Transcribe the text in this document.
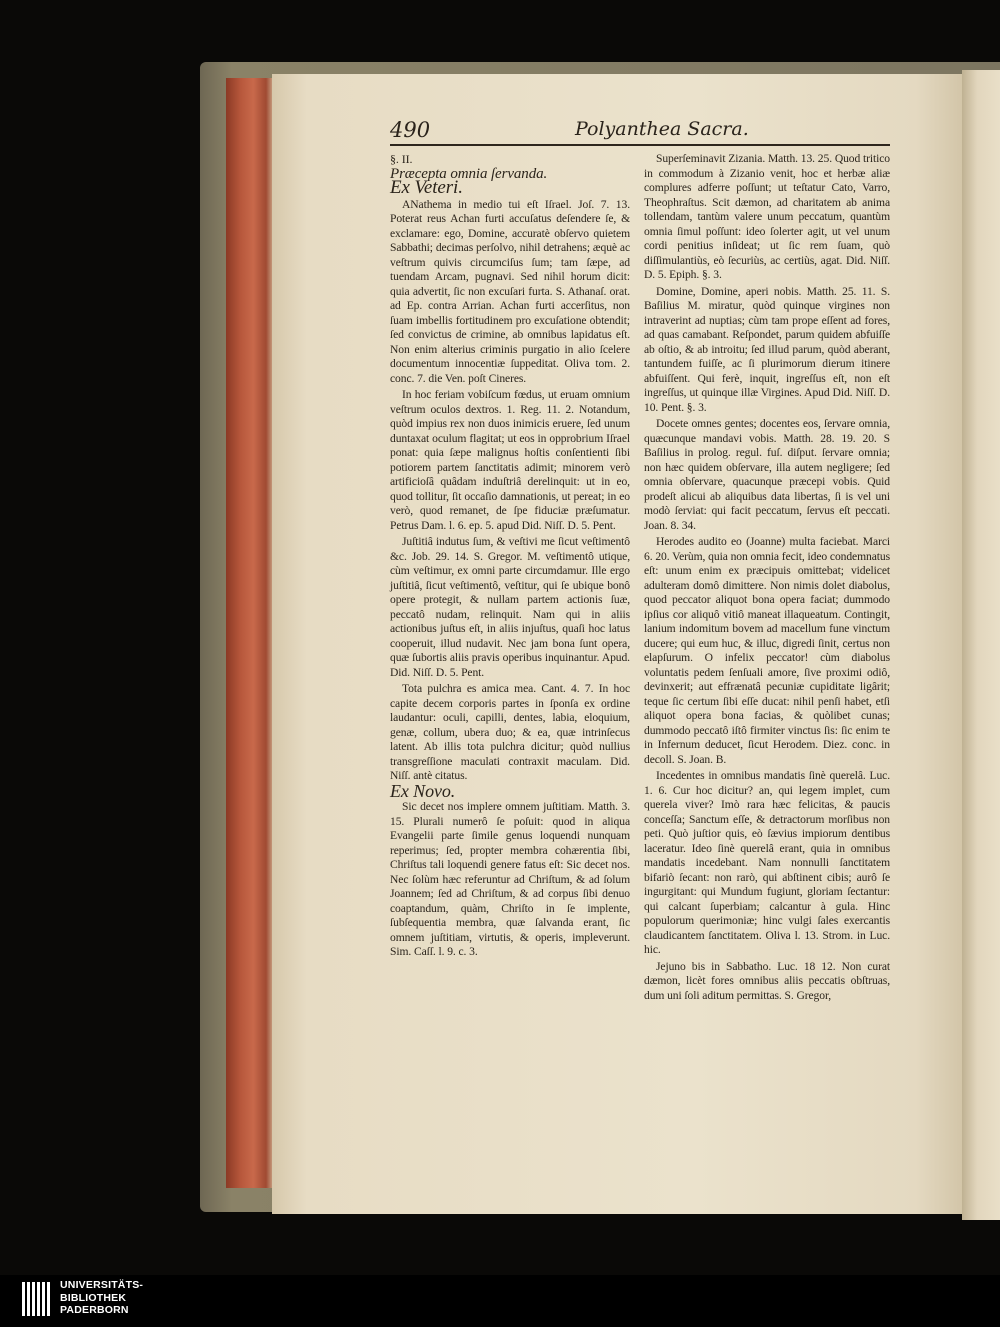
490	Polyanthea Sacra.

§. II.

Præcepta omnia ſervanda.

Ex Veteri.

ANathema in medio tui eſt Iſrael. Joſ. 7. 13. Poterat reus Achan furti accuſatus deſendere ſe, & exclamare: ego, Domine, accuratè obſervo quietem Sabbathi; decimas perſolvo, nihil detrahens; æquè ac veſtrum quivis circumciſus ſum; tam ſæpe, ad tuendam Arcam, pugnavi. Sed nihil horum dicit: quia advertit, ſic non excuſari furta. S. Athanaſ. orat. ad Ep. contra Arrian. Achan furti accerſitus, non ſuam imbellis fortitudinem pro excuſatione obtendit; ſed convictus de crimine, ab omnibus lapidatus eſt. Non enim alterius criminis purgatio in alio ſcelere documentum innocentiæ ſuppeditat. Oliva tom. 2. conc. 7. die Ven. poſt Cineres.

In hoc feriam vobiſcum fœdus, ut eruam omnium veſtrum oculos dextros. 1. Reg. 11. 2. Notandum, quòd impius rex non duos inimicis eruere, ſed unum duntaxat oculum flagitat; ut eos in opprobrium Iſrael ponat: quia ſæpe malignus hoſtis conſentienti ſibi potiorem partem ſanctitatis adimit; minorem verò artificioſâ quâdam induſtriâ derelinquit: ut in eo, quod tollitur, ſit occaſio damnationis, ut pereat; in eo verò, quod remanet, de ſpe fiduciæ præſumatur. Petrus Dam. l. 6. ep. 5. apud Did. Niſſ. D. 5. Pent.

Juſtitiâ indutus ſum, & veſtivi me ſicut veſtimentô &c. Job. 29. 14. S. Gregor. M. veſtimentô utique, cùm veſtimur, ex omni parte circumdamur. Ille ergo juſtitiâ, ſicut veſtimentô, veſtitur, qui ſe ubique bonô opere protegit, & nullam partem actionis ſuæ, peccatô nudam, relinquit. Nam qui in aliis actionibus juſtus eſt, in aliis injuſtus, quaſi hoc latus cooperuit, illud nudavit. Nec jam bona ſunt opera, quæ ſubortis aliis pravis operibus inquinantur. Apud. Did. Niſſ. D. 5. Pent.

Tota pulchra es amica mea. Cant. 4. 7. In hoc capite decem corporis partes in ſponſa ex ordine laudantur: oculi, capilli, dentes, labia, eloquium, genæ, collum, ubera duo; & ea, quæ intrinſecus latent. Ab illis tota pulchra dicitur; quòd nullius transgreſſione maculati contraxit maculam. Did. Niſſ. antè citatus.

Ex Novo.

Sic decet nos implere omnem juſtitiam. Matth. 3. 15. Plurali numerô ſe poſuit: quod in aliqua Evangelii parte ſimile genus loquendi nunquam reperimus; ſed, propter membra cohærentia ſibi, Chriſtus tali loquendi genere fatus eſt: Sic decet nos. Nec ſolùm hæc referuntur ad Chriſtum, & ad ſolum Joannem; ſed ad Chriſtum, & ad corpus ſibi denuo coaptandum, quàm, Chriſto in ſe implente, ſubſequentia membra, quæ ſalvanda erant, ſic omnem juſtitiam, virtutis, & operis, impleverunt. Sim. Caſſ. l. 9. c. 3.

Superſeminavit Zizania. Matth. 13. 25. Quod tritico in commodum à Zizanio venit, hoc et herbæ aliæ complures adferre poſſunt; ut teſtatur Cato, Varro, Theophraſtus. Scit dæmon, ad charitatem ab anima tollendam, tantùm valere unum peccatum, quantùm omnia ſimul poſſunt: ideo ſolerter agit, ut vel unum cordi penitius inſideat; ut ſic rem ſuam, quò diſſimulantiùs, eò ſecuriùs, ac certiùs, agat. Did. Niſſ. D. 5. Epiph. §. 3.

Domine, Domine, aperi nobis. Matth. 25. 11. S. Baſilius M. miratur, quòd quinque virgines non intraverint ad nuptias; cùm tam prope eſſent ad fores, ad quas camabant. Reſpondet, parum quidem abfuiſſe ab oſtio, & ab introitu; ſed illud parum, quòd aberant, tantundem fuiſſe, ac ſi plurimorum dierum itinere abfuiſſent. Qui ferè, inquit, ingreſſus eſt, non eſt ingreſſus, ut quinque illæ Virgines. Apud Did. Niſſ. D. 10. Pent. §. 3.

Docete omnes gentes; docentes eos, ſervare omnia, quæcunque mandavi vobis. Matth. 28. 19. 20. S Baſilius in prolog. regul. fuſ. diſput. ſervare omnia; non hæc quidem obſervare, illa autem negligere; ſed omnia obſervare, quacunque præcepi vobis. Quid prodeſt alicui ab aliquibus data libertas, ſi is vel uni modò ſerviat: qui facit peccatum, ſervus eſt peccati. Joan. 8. 34.

Herodes audito eo (Joanne) multa faciebat. Marci 6. 20. Verùm, quia non omnia fecit, ideo condemnatus eſt: unum enim ex præcipuis omittebat; videlicet adulteram domô dimittere. Non nimis dolet diabolus, quod peccator aliquot bona opera faciat; dummodo ipſius cor aliquô vitiô maneat illaqueatum. Contingit, lanium indomitum bovem ad macellum fune vinctum ducere; qui eum huc, & illuc, digredi ſinit, certus non elapſurum. O infelix peccator! cùm diabolus voluntatis pedem ſenſuali amore, ſive proximi odiô, devinxerit; aut effrænatâ pecuniæ cupiditate ligârit; teque ſic certum ſibi eſſe ducat: nihil penſi habet, etſi aliquot opera bona facias, & quòlibet cunas; dummodo peccatô iſtô firmiter vinctus ſis: ſic enim te in Infernum deducet, ſicut Herodem. Diez. conc. in decoll. S. Joan. B.

Incedentes in omnibus mandatis ſinè querelâ. Luc. 1. 6. Cur hoc dicitur? an, qui legem implet, cum querela viver? Imò rara hæc felicitas, & paucis conceſſa; Sanctum eſſe, & detractorum morſibus non peti. Quò juſtior quis, eò ſævius impiorum dentibus laceratur. Ideo ſinè querelâ erant, quia in omnibus mandatis incedebant. Nam nonnulli ſanctitatem bifariò ſecant: non rarò, qui abſtinent cibis; aurô ſe ingurgitant: qui Mundum fugiunt, gloriam ſectantur: qui calcant ſuperbiam; calcantur à gula. Hinc populorum querimoniæ; hinc vulgi ſales exercantis claudicantem ſanctitatem. Oliva l. 13. Strom. in Luc. hic.

Jejuno bis in Sabbatho. Luc. 18 12. Non curat dæmon, licèt fores omnibus aliis peccatis obſtruas, dum uni ſoli aditum permittas. S. Gregor,

UNIVERSITÄTS-
BIBLIOTHEK
PADERBORN
